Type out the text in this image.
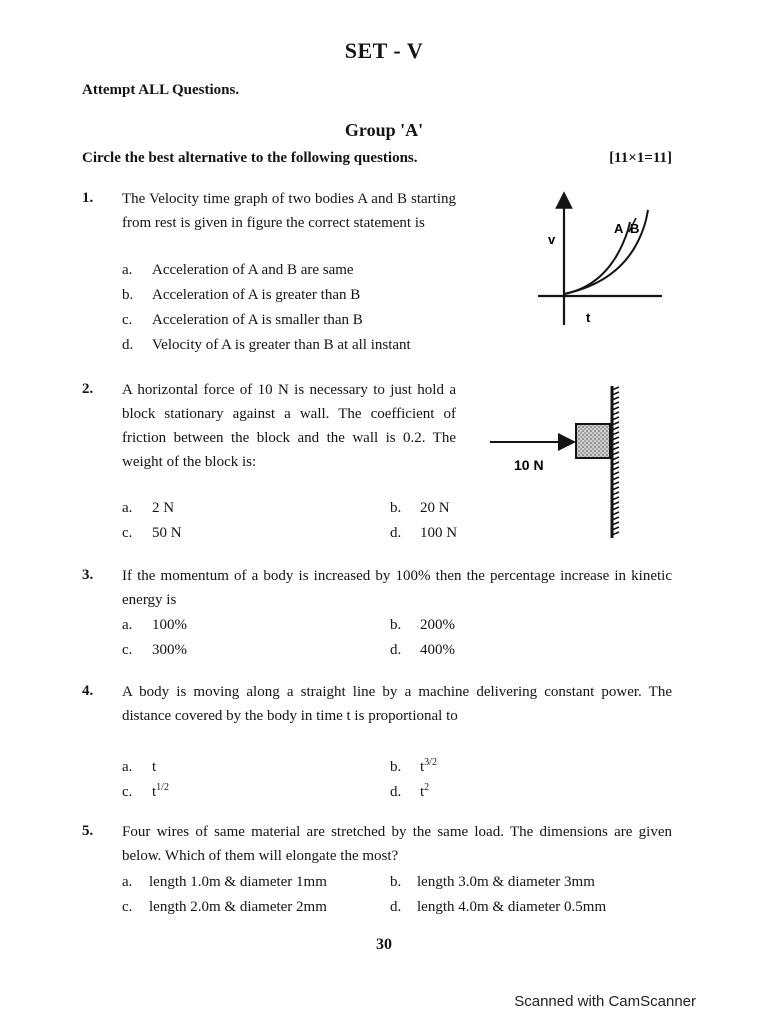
SET - V
Attempt ALL Questions.
Group 'A'
Circle the best alternative to the following questions.	[11×1=11]
1. The Velocity time graph of two bodies A and B starting from rest is given in figure the correct statement is
a. Acceleration of A and B are same
b. Acceleration of A is greater than B
c. Acceleration of A is smaller than B
d. Velocity of A is greater than B at all instant
v
t
A B
2. A horizontal force of 10 N is necessary to just hold a block stationary against a wall. The coefficient of friction between the block and the wall is 0.2. The weight of the block is:
a. 2 N	b. 20 N
c. 50 N	d. 100 N
10 N
3. If the momentum of a body is increased by 100% then the percentage increase in kinetic energy is
a. 100%	b. 200%
c. 300%	d. 400%
4. A body is moving along a straight line by a machine delivering constant power. The distance covered by the body in time t is proportional to
a. t	b. $t^{3/2}$
c. $t^{1/2}$	d. $t^2$
5. Four wires of same material are stretched by the same load. The dimensions are given below. Which of them will elongate the most?
a. length 1.0m & diameter 1mm	b. length 3.0m & diameter 3mm
c. length 2.0m & diameter 2mm	d. length 4.0m & diameter 0.5mm
30
Scanned with CamScanner
